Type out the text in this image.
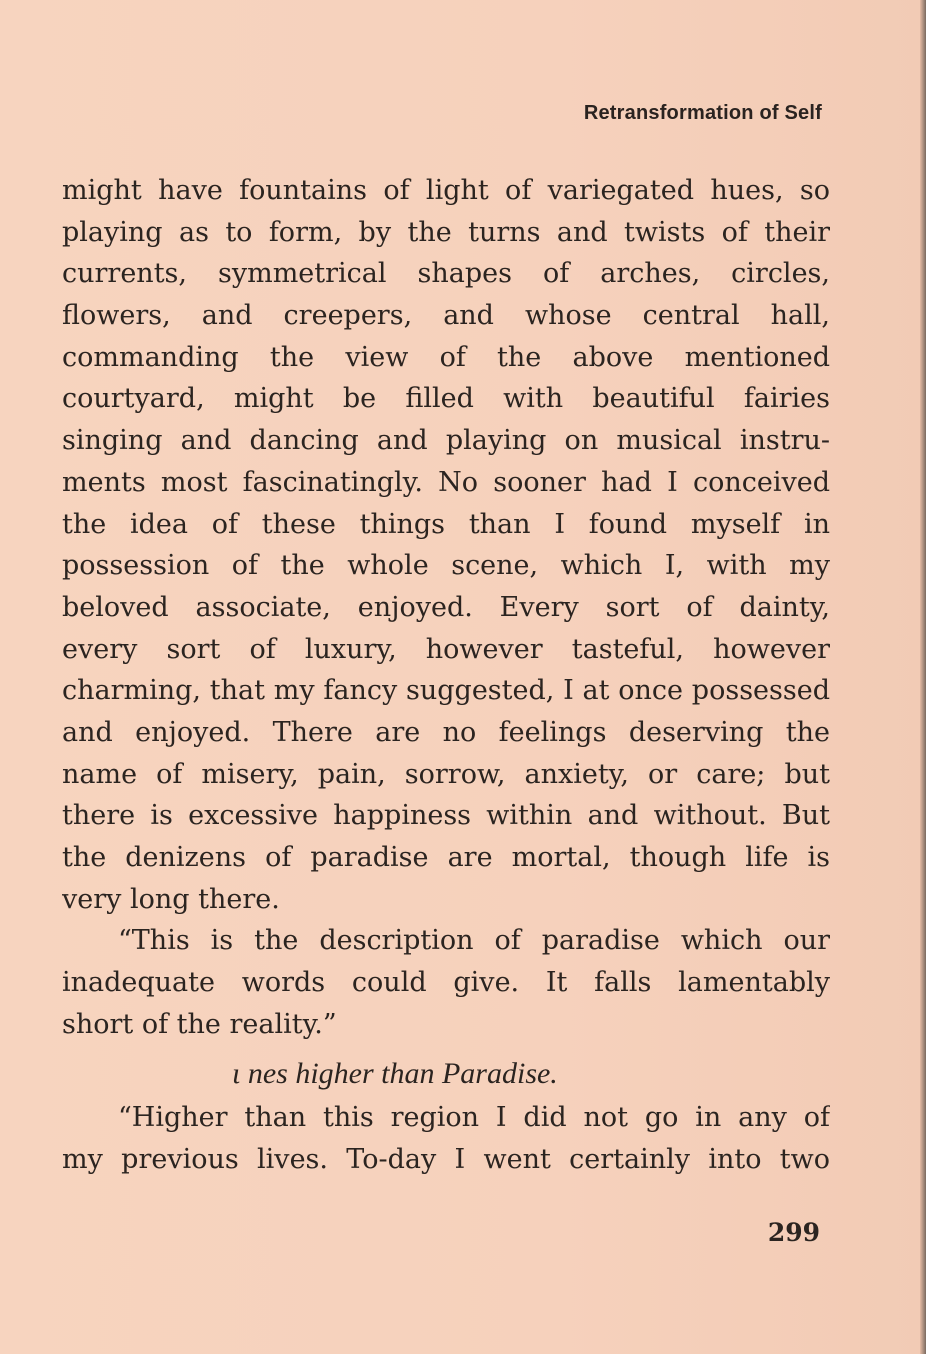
Retransformation of Self
might have fountains of light of variegated hues, so
playing as to form, by the turns and twists of their
currents, symmetrical shapes of arches, circles,
flowers, and creepers, and whose central hall,
commanding the view of the above mentioned
courtyard, might be filled with beautiful fairies
singing and dancing and playing on musical instru-
ments most fascinatingly. No sooner had I conceived
the idea of these things than I found myself in
possession of the whole scene, which I, with my
beloved associate, enjoyed. Every sort of dainty,
every sort of luxury, however tasteful, however
charming, that my fancy suggested, I at once possessed
and enjoyed. There are no feelings deserving the
name of misery, pain, sorrow, anxiety, or care; but
there is excessive happiness within and without. But
the denizens of paradise are mortal, though life is
very long there.
“This is the description of paradise which our
inadequate words could give. It falls lamentably
short of the reality.”
ι nes higher than Paradise.
“Higher than this region I did not go in any of
my previous lives. To-day I went certainly into two
299
